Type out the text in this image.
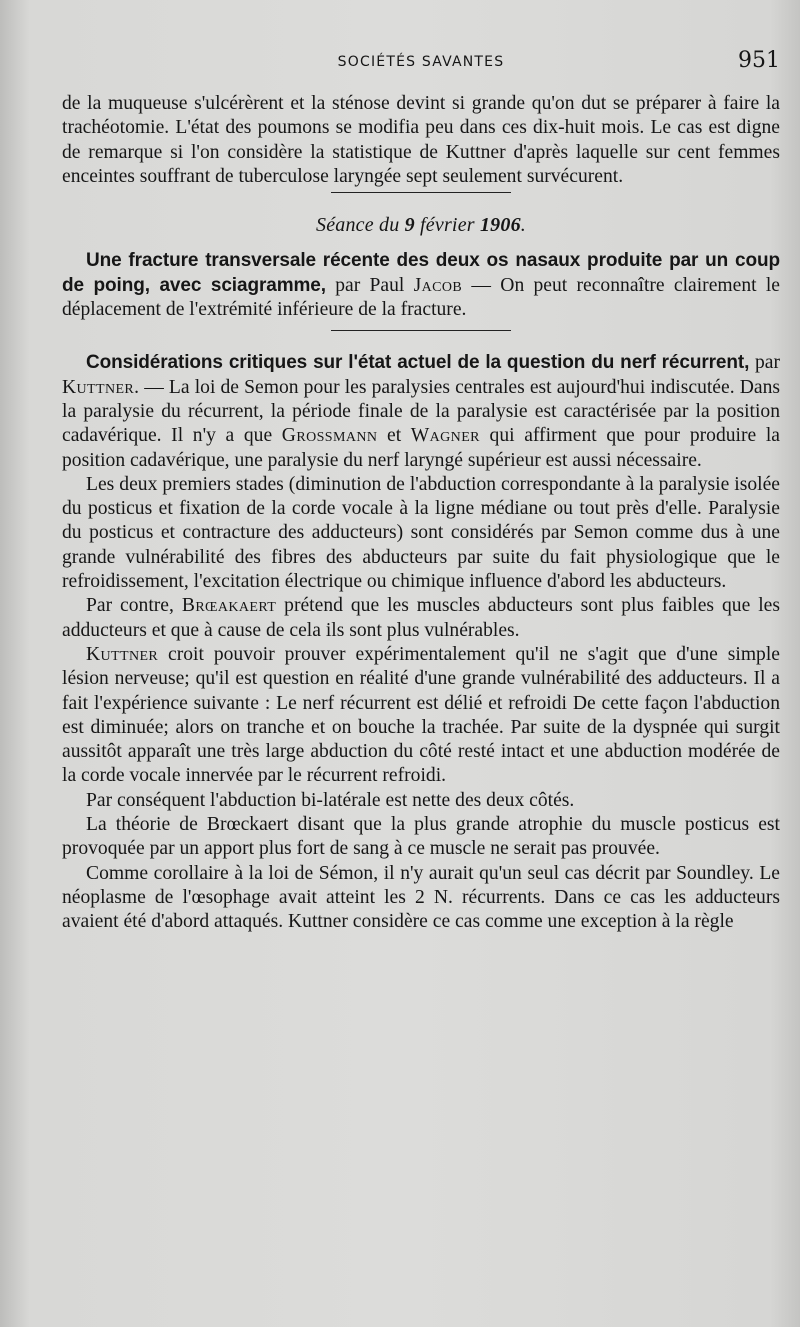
SOCIÉTÉS SAVANTES	951

de la muqueuse s'ulcérèrent et la sténose devint si grande qu'on dut se préparer à faire la trachéotomie. L'état des poumons se modifia peu dans ces dix-huit mois. Le cas est digne de remarque si l'on considère la statistique de Kuttner d'après laquelle sur cent femmes enceintes souffrant de tuberculose laryngée sept seulement survécurent.

Séance du 9 février 1906.

Une fracture transversale récente des deux os nasaux produite par un coup de poing, avec sciagramme, par Paul Jacob — On peut reconnaître clairement le déplacement de l'extrémité inférieure de la fracture.

Considérations critiques sur l'état actuel de la question du nerf récurrent, par Kuttner. — La loi de Semon pour les paralysies centrales est aujourd'hui indiscutée. Dans la paralysie du récurrent, la période finale de la paralysie est caractérisée par la position cadavérique. Il n'y a que Grossmann et Wagner qui affirment que pour produire la position cadavérique, une paralysie du nerf laryngé supérieur est aussi nécessaire.

Les deux premiers stades (diminution de l'abduction correspondante à la paralysie isolée du posticus et fixation de la corde vocale à la ligne médiane ou tout près d'elle. Paralysie du posticus et contracture des adducteurs) sont considérés par Semon comme dus à une grande vulnérabilité des fibres des abducteurs par suite du fait physiologique que le refroidissement, l'excitation électrique ou chimique influence d'abord les abducteurs.

Par contre, Brœakaert prétend que les muscles abducteurs sont plus faibles que les adducteurs et que à cause de cela ils sont plus vulnérables.

Kuttner croit pouvoir prouver expérimentalement qu'il ne s'agit que d'une simple lésion nerveuse; qu'il est question en réalité d'une grande vulnérabilité des adducteurs. Il a fait l'expérience suivante : Le nerf récurrent est délié et refroidi De cette façon l'abduction est diminuée; alors on tranche et on bouche la trachée. Par suite de la dyspnée qui surgit aussitôt apparaît une très large abduction du côté resté intact et une abduction modérée de la corde vocale innervée par le récurrent refroidi.

Par conséquent l'abduction bi-latérale est nette des deux côtés.

La théorie de Brœckaert disant que la plus grande atrophie du muscle posticus est provoquée par un apport plus fort de sang à ce muscle ne serait pas prouvée.

Comme corollaire à la loi de Sémon, il n'y aurait qu'un seul cas décrit par Soundley. Le néoplasme de l'œsophage avait atteint les 2 N. récurrents. Dans ce cas les adducteurs avaient été d'abord attaqués. Kuttner considère ce cas comme une exception à la règle
